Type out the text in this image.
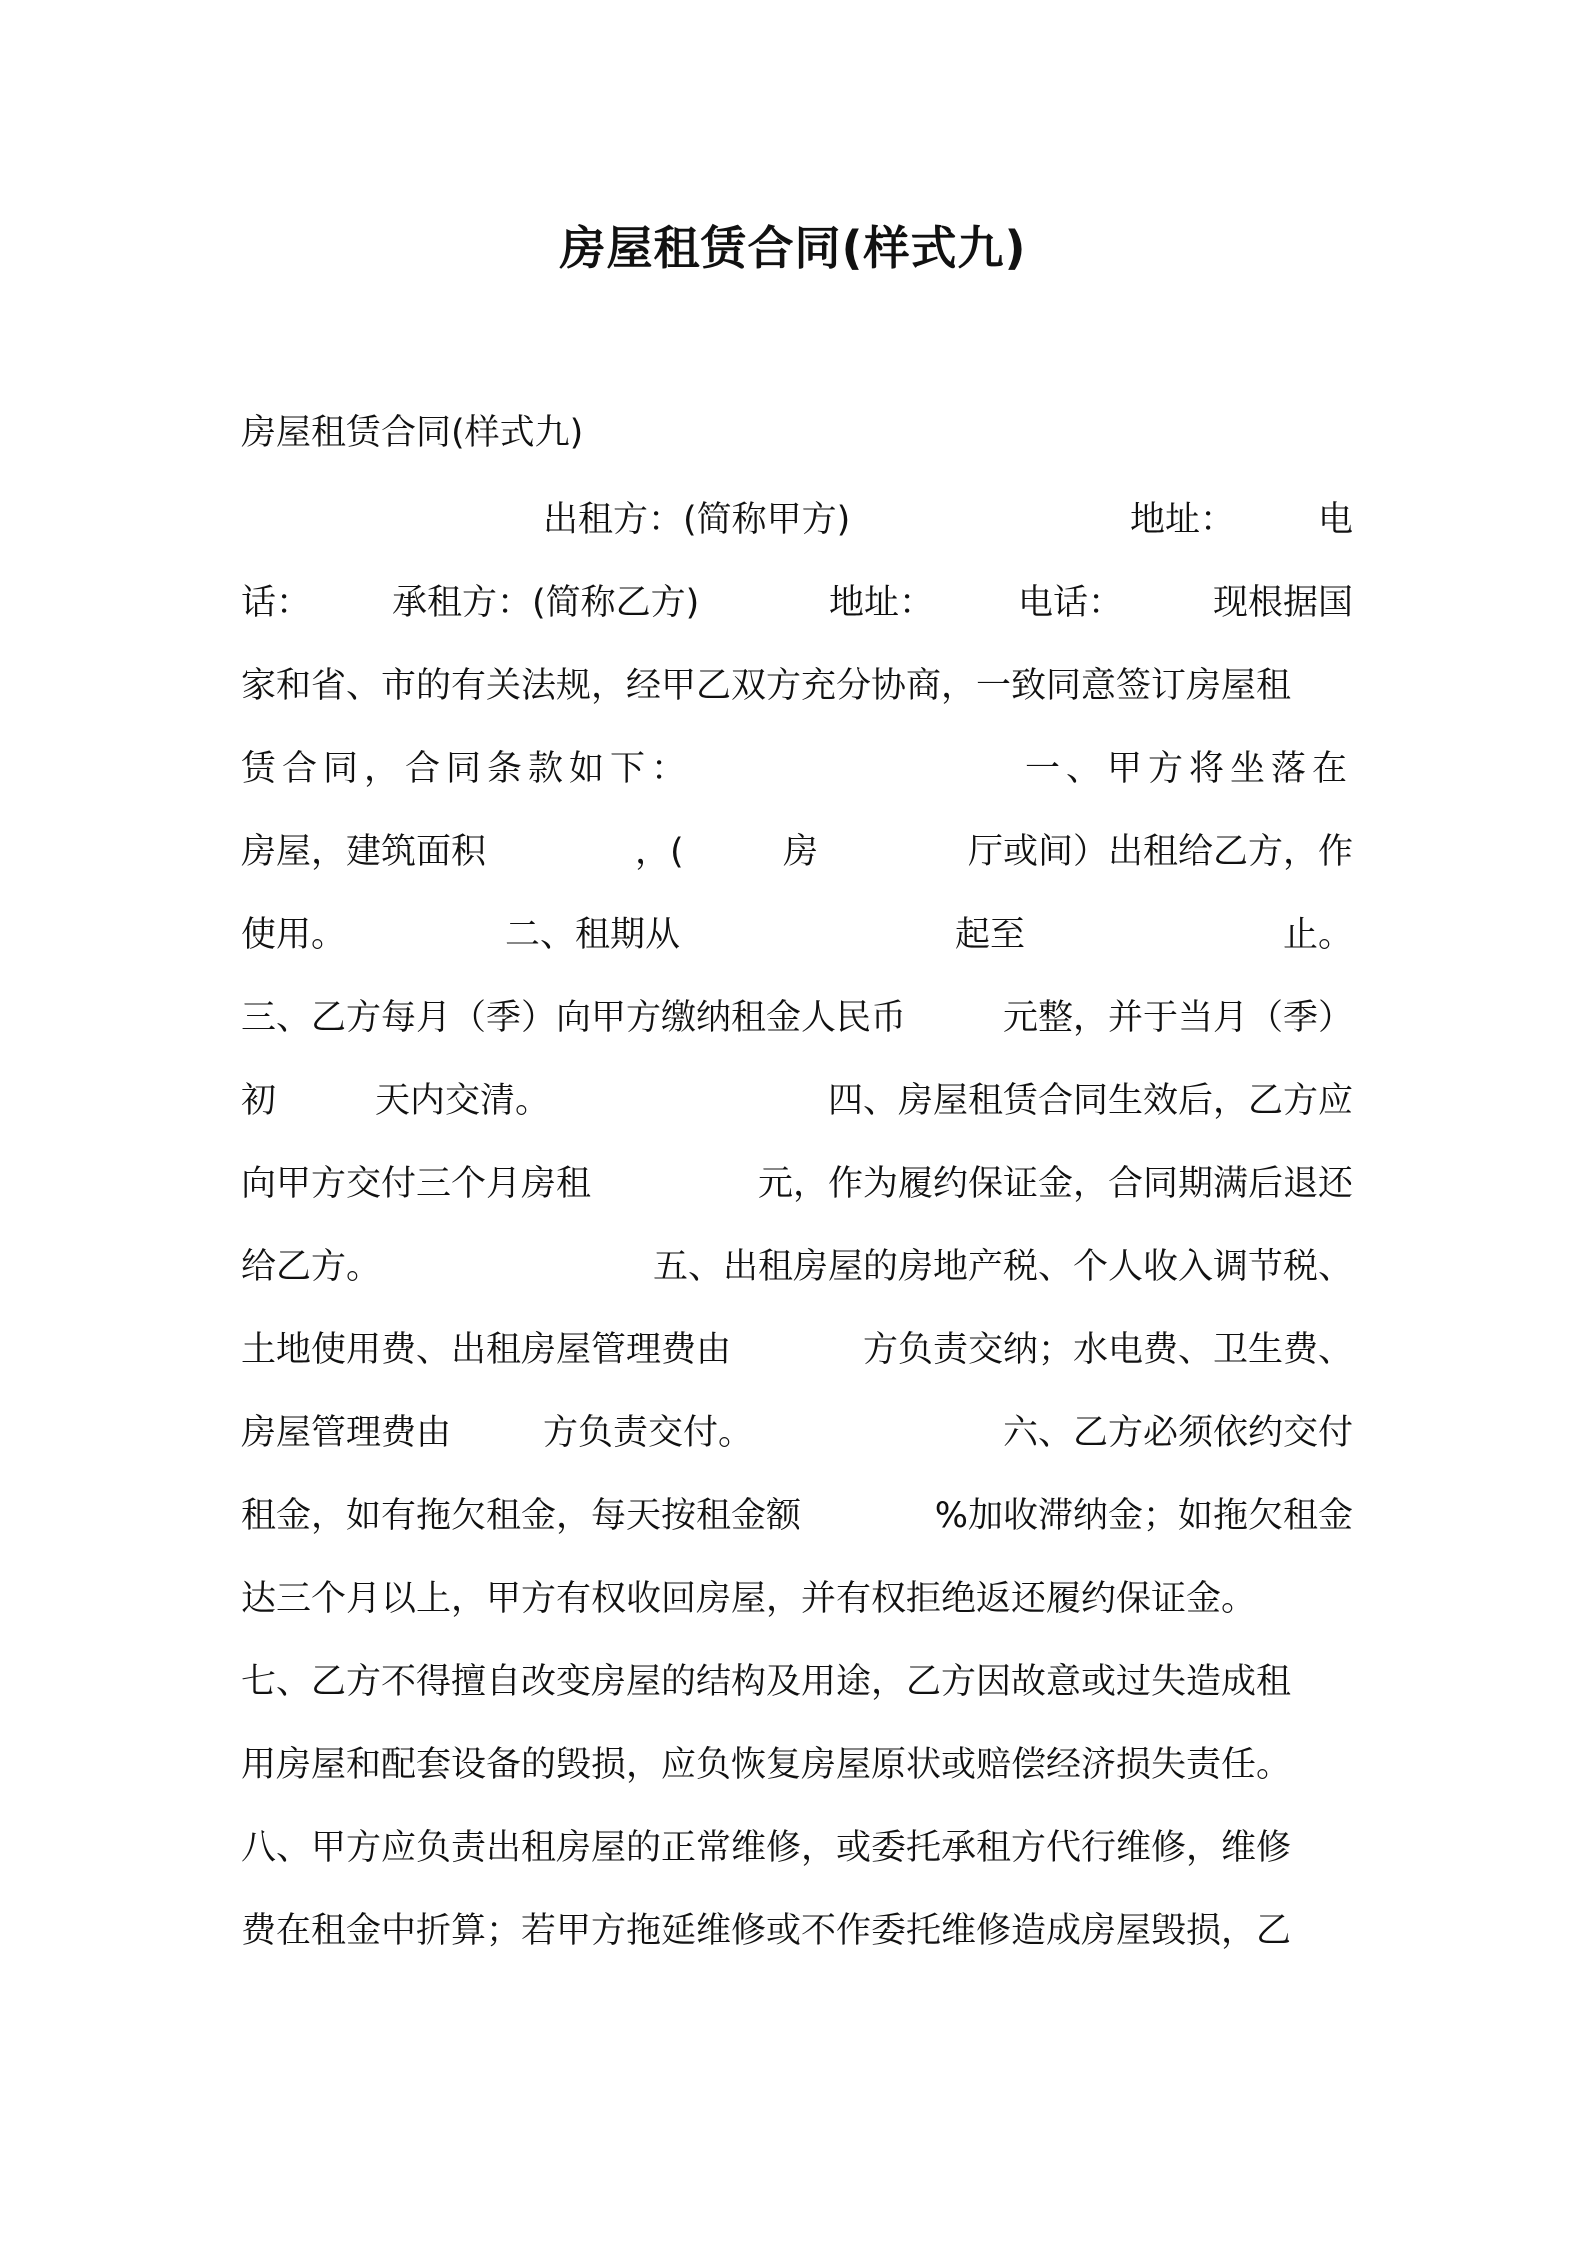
房屋租赁合同(样式九)
房屋租赁合同(样式九)
出租方：(简称甲方)	地址： 电
话： 承租方：(简称乙方)	地址： 电话：	现根据国
家和省、市的有关法规，经甲乙双方充分协商，一致同意签订房屋租
赁合同，合同条款如下：	一、甲方将坐落在
房屋，建筑面积	，(	房	厅或间）出租给乙方，作
使用。	二、租期从	起至	止。
三、乙方每月（季）向甲方缴纳租金人民币	元整，并于当月（季）
初	天内交清。	四、房屋租赁合同生效后，乙方应
向甲方交付三个月房租	元，作为履约保证金，合同期满后退还
给乙方。	五、出租房屋的房地产税、个人收入调节税、
土地使用费、出租房屋管理费由	方负责交纳；水电费、卫生费、
房屋管理费由	方负责交付。	六、乙方必须依约交付
租金，如有拖欠租金，每天按租金额	%加收滞纳金；如拖欠租金
达三个月以上，甲方有权收回房屋，并有权拒绝返还履约保证金。
七、乙方不得擅自改变房屋的结构及用途，乙方因故意或过失造成租
用房屋和配套设备的毁损，应负恢复房屋原状或赔偿经济损失责任。
八、甲方应负责出租房屋的正常维修，或委托承租方代行维修，维修
费在租金中折算；若甲方拖延维修或不作委托维修造成房屋毁损，乙
